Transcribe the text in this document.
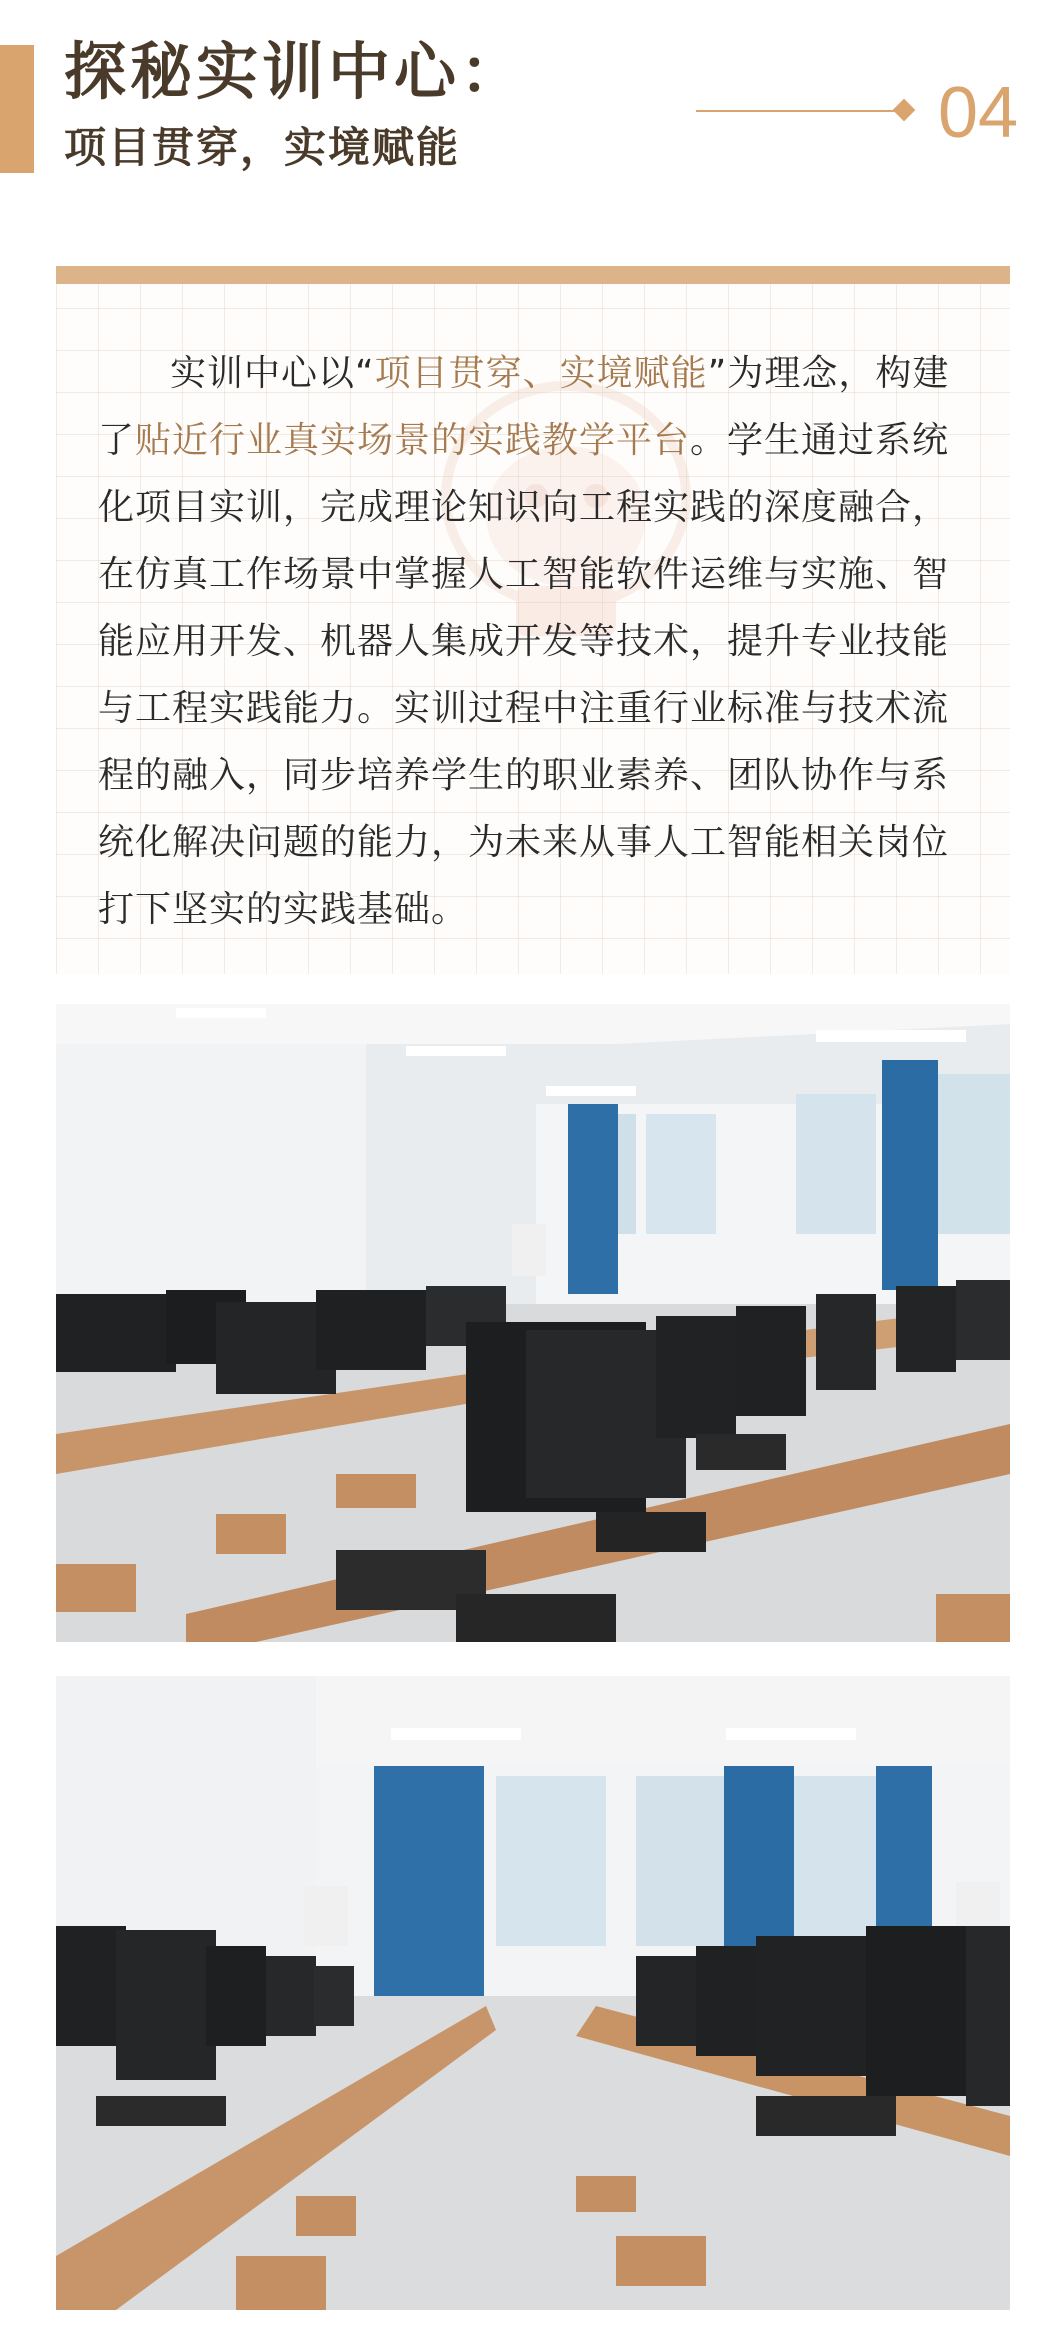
探秘实训中心：
项目贯穿，实境赋能	04
实训中心以“项目贯穿、实境赋能”为理念，构建了贴近行业真实场景的实践教学平台。学生通过系统化项目实训，完成理论知识向工程实践的深度融合，在仿真工作场景中掌握人工智能软件运维与实施、智能应用开发、机器人集成开发等技术，提升专业技能与工程实践能力。实训过程中注重行业标准与技术流程的融入，同步培养学生的职业素养、团队协作与系统化解决问题的能力，为未来从事人工智能相关岗位打下坚实的实践基础。
